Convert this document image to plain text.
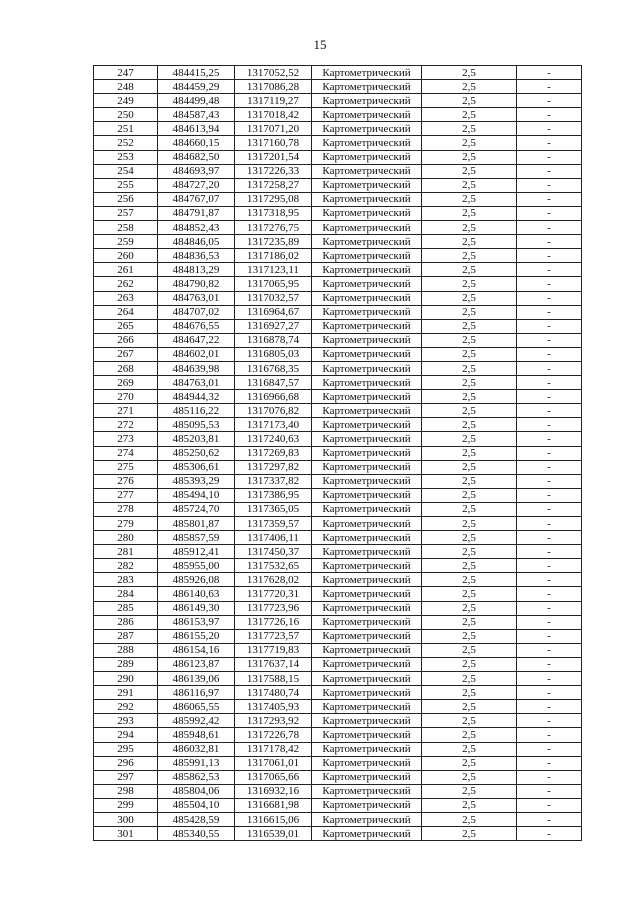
15
247	484415,25	1317052,52	Картометрический	2,5	-
248	484459,29	1317086,28	Картометрический	2,5	-
249	484499,48	1317119,27	Картометрический	2,5	-
250	484587,43	1317018,42	Картометрический	2,5	-
251	484613,94	1317071,20	Картометрический	2,5	-
252	484660,15	1317160,78	Картометрический	2,5	-
253	484682,50	1317201,54	Картометрический	2,5	-
254	484693,97	1317226,33	Картометрический	2,5	-
255	484727,20	1317258,27	Картометрический	2,5	-
256	484767,07	1317295,08	Картометрический	2,5	-
257	484791,87	1317318,95	Картометрический	2,5	-
258	484852,43	1317276,75	Картометрический	2,5	-
259	484846,05	1317235,89	Картометрический	2,5	-
260	484836,53	1317186,02	Картометрический	2,5	-
261	484813,29	1317123,11	Картометрический	2,5	-
262	484790,82	1317065,95	Картометрический	2,5	-
263	484763,01	1317032,57	Картометрический	2,5	-
264	484707,02	1316964,67	Картометрический	2,5	-
265	484676,55	1316927,27	Картометрический	2,5	-
266	484647,22	1316878,74	Картометрический	2,5	-
267	484602,01	1316805,03	Картометрический	2,5	-
268	484639,98	1316768,35	Картометрический	2,5	-
269	484763,01	1316847,57	Картометрический	2,5	-
270	484944,32	1316966,68	Картометрический	2,5	-
271	485116,22	1317076,82	Картометрический	2,5	-
272	485095,53	1317173,40	Картометрический	2,5	-
273	485203,81	1317240,63	Картометрический	2,5	-
274	485250,62	1317269,83	Картометрический	2,5	-
275	485306,61	1317297,82	Картометрический	2,5	-
276	485393,29	1317337,82	Картометрический	2,5	-
277	485494,10	1317386,95	Картометрический	2,5	-
278	485724,70	1317365,05	Картометрический	2,5	-
279	485801,87	1317359,57	Картометрический	2,5	-
280	485857,59	1317406,11	Картометрический	2,5	-
281	485912,41	1317450,37	Картометрический	2,5	-
282	485955,00	1317532,65	Картометрический	2,5	-
283	485926,08	1317628,02	Картометрический	2,5	-
284	486140,63	1317720,31	Картометрический	2,5	-
285	486149,30	1317723,96	Картометрический	2,5	-
286	486153,97	1317726,16	Картометрический	2,5	-
287	486155,20	1317723,57	Картометрический	2,5	-
288	486154,16	1317719,83	Картометрический	2,5	-
289	486123,87	1317637,14	Картометрический	2,5	-
290	486139,06	1317588,15	Картометрический	2,5	-
291	486116,97	1317480,74	Картометрический	2,5	-
292	486065,55	1317405,93	Картометрический	2,5	-
293	485992,42	1317293,92	Картометрический	2,5	-
294	485948,61	1317226,78	Картометрический	2,5	-
295	486032,81	1317178,42	Картометрический	2,5	-
296	485991,13	1317061,01	Картометрический	2,5	-
297	485862,53	1317065,66	Картометрический	2,5	-
298	485804,06	1316932,16	Картометрический	2,5	-
299	485504,10	1316681,98	Картометрический	2,5	-
300	485428,59	1316615,06	Картометрический	2,5	-
301	485340,55	1316539,01	Картометрический	2,5	-
